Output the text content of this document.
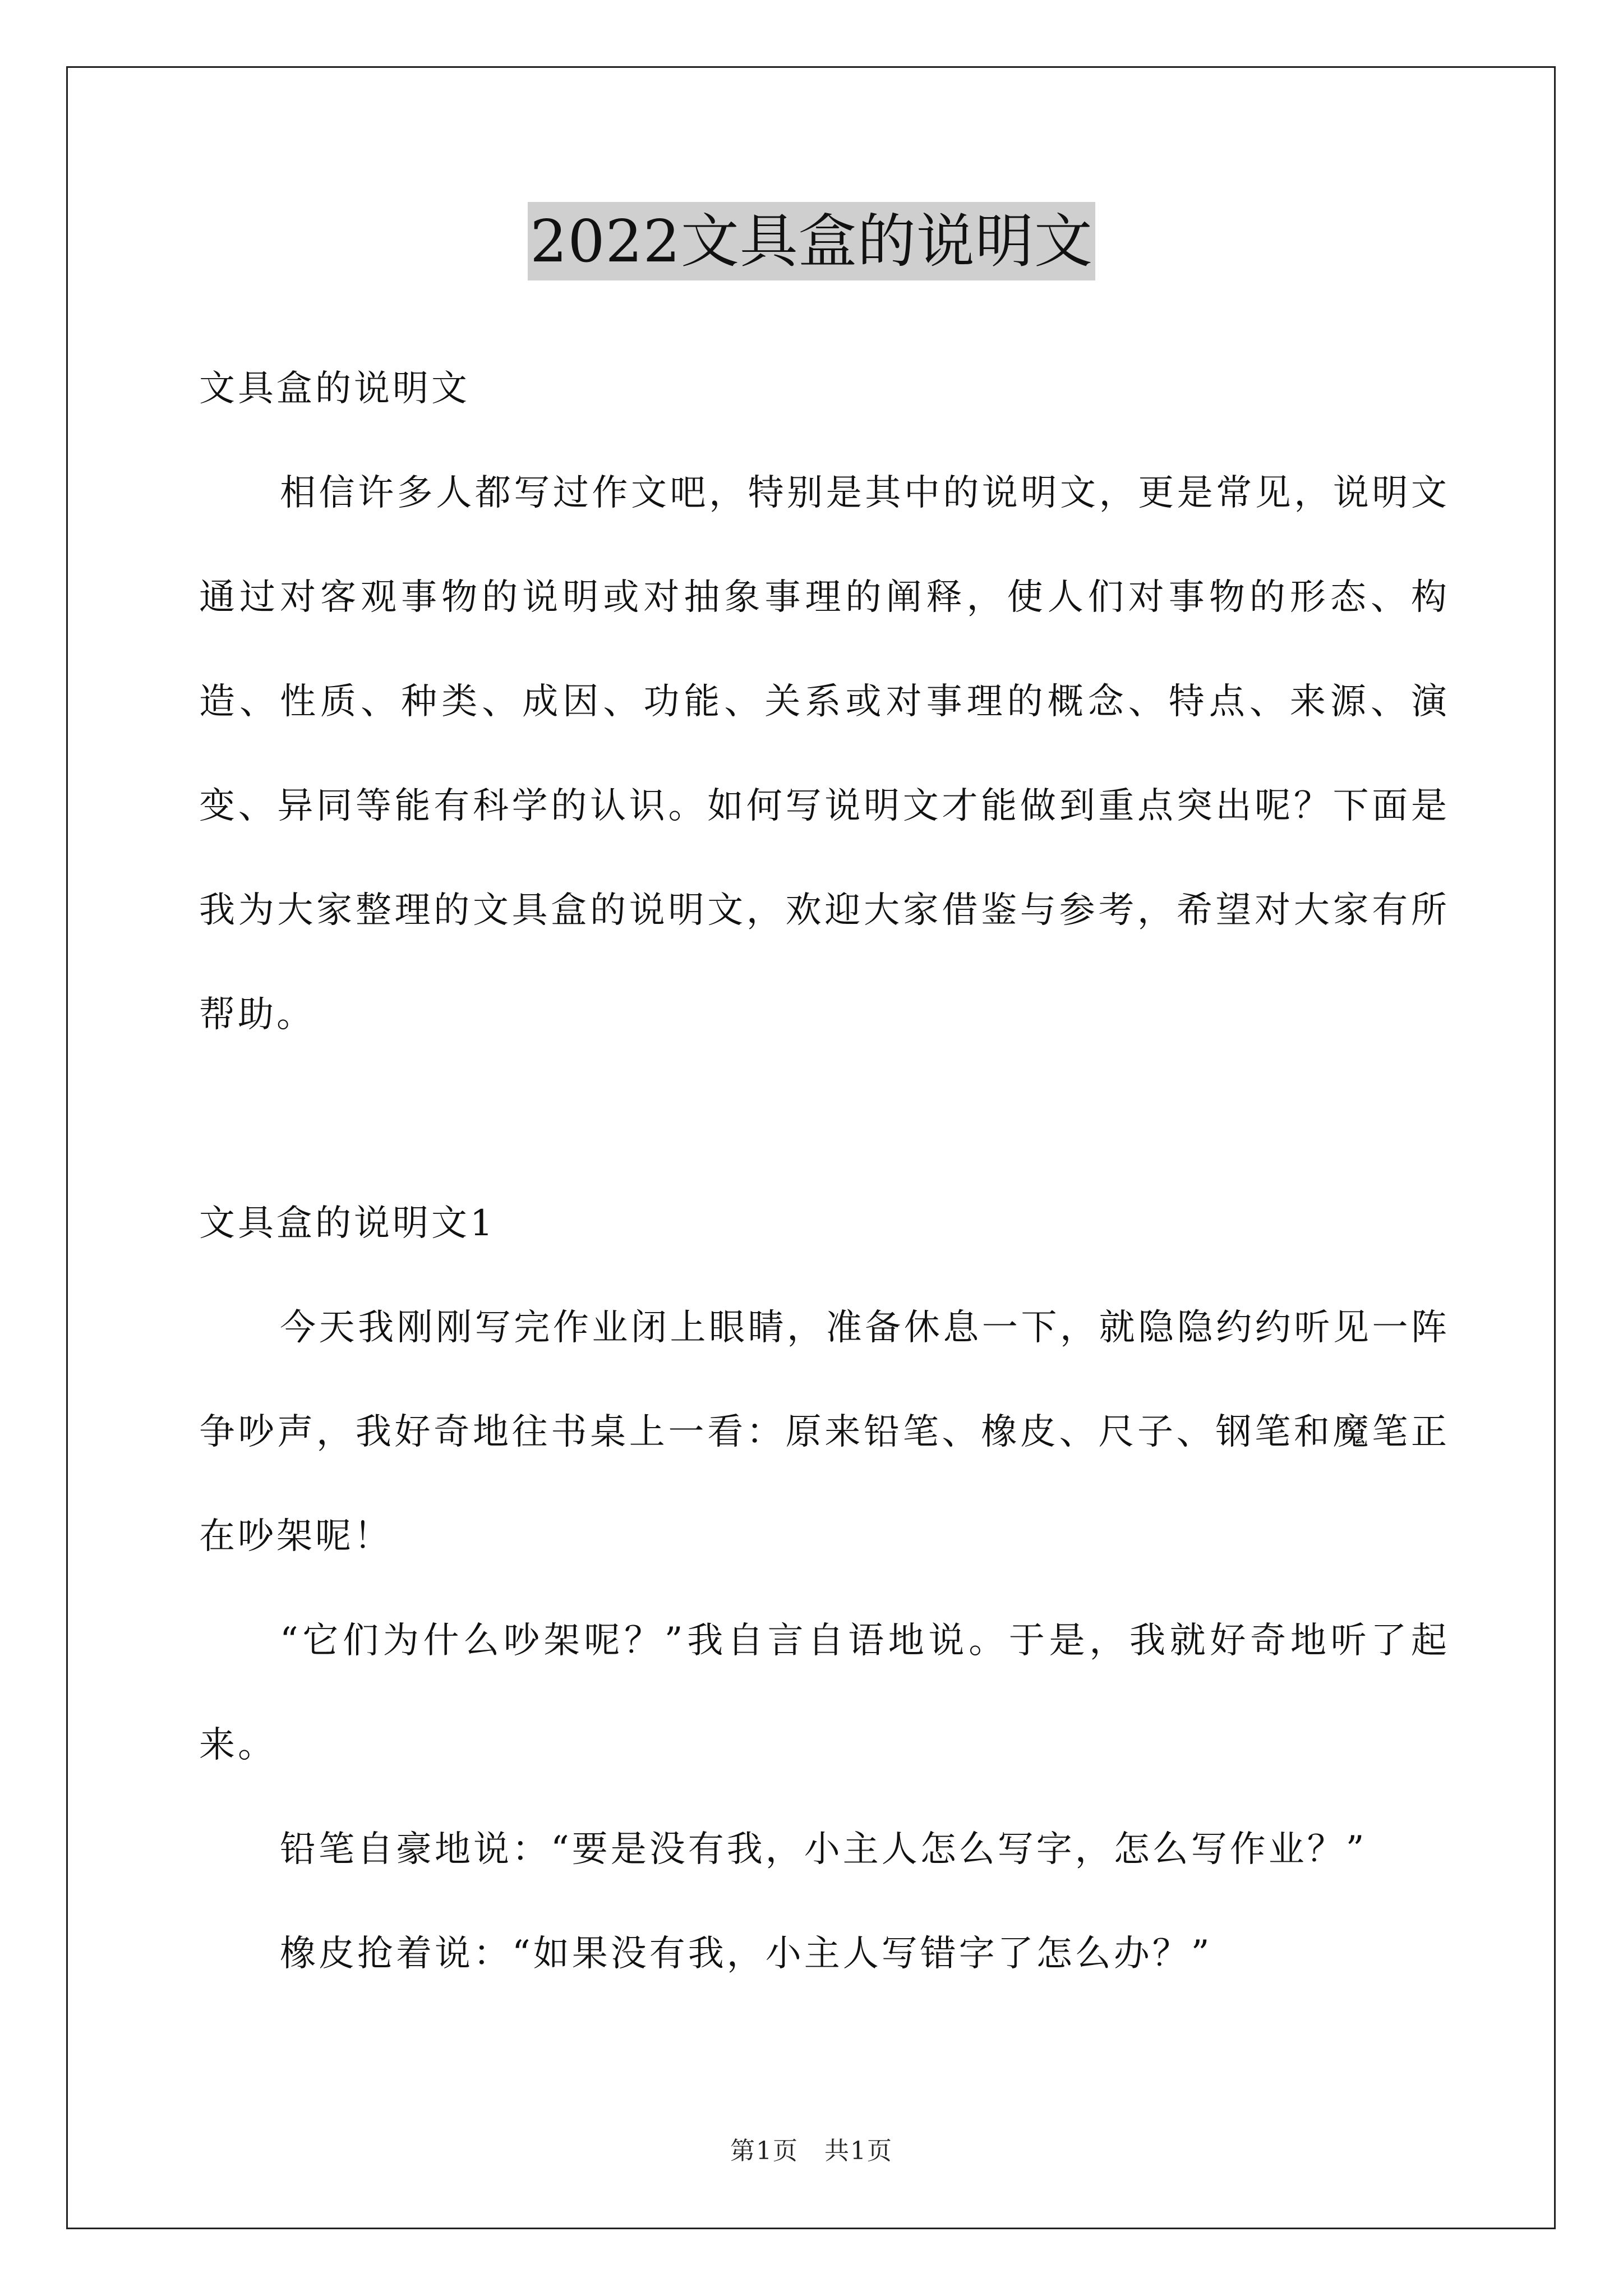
2022文具盒的说明文

文具盒的说明文

相信许多人都写过作文吧，特别是其中的说明文，更是常见，说明文通过对客观事物的说明或对抽象事理的阐释，使人们对事物的形态、构造、性质、种类、成因、功能、关系或对事理的概念、特点、来源、演变、异同等能有科学的认识。如何写说明文才能做到重点突出呢？下面是我为大家整理的文具盒的说明文，欢迎大家借鉴与参考，希望对大家有所帮助。

文具盒的说明文1

今天我刚刚写完作业闭上眼睛，准备休息一下，就隐隐约约听见一阵争吵声，我好奇地往书桌上一看：原来铅笔、橡皮、尺子、钢笔和魔笔正在吵架呢！

“它们为什么吵架呢？”我自言自语地说。于是，我就好奇地听了起来。

铅笔自豪地说：“要是没有我，小主人怎么写字，怎么写作业？”

橡皮抢着说：“如果没有我，小主人写错字了怎么办？”

第1页　共1页
